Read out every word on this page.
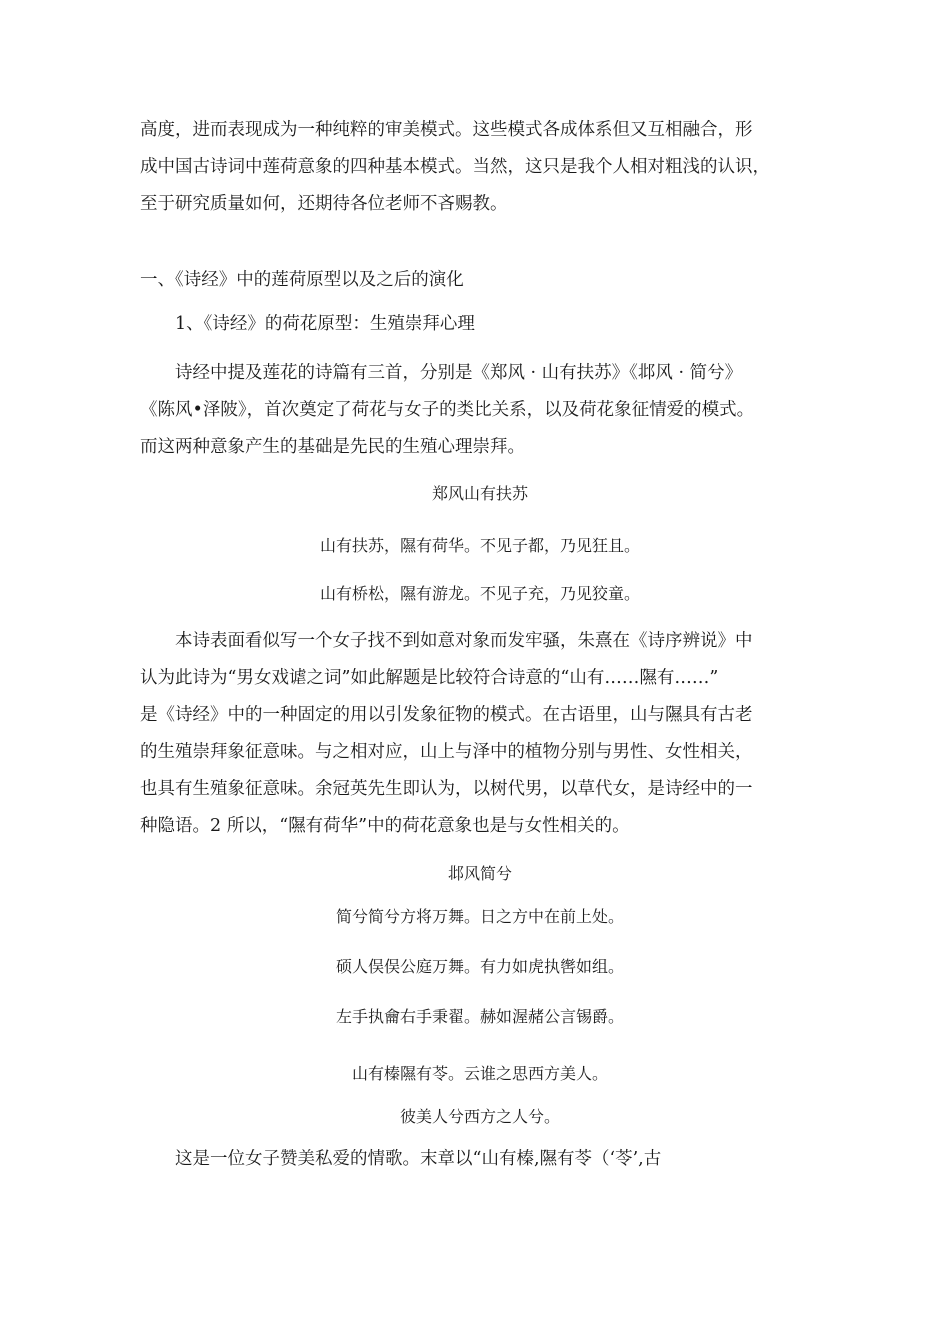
高度，进而表现成为一种纯粹的审美模式。这些模式各成体系但又互相融合，形
成中国古诗词中莲荷意象的四种基本模式。当然，这只是我个人相对粗浅的认识，
至于研究质量如何，还期待各位老师不吝赐教。
一、《诗经》中的莲荷原型以及之后的演化
1、《诗经》的荷花原型：生殖崇拜心理
　　诗经中提及莲花的诗篇有三首，分别是《郑风 · 山有扶苏》《邶风 · 简兮》
《陈风•泽陂》，首次奠定了荷花与女子的类比关系，以及荷花象征情爱的模式。
而这两种意象产生的基础是先民的生殖心理崇拜。
郑风山有扶苏
山有扶苏，隰有荷华。不见子都，乃见狂且。
山有桥松，隰有游龙。不见子充，乃见狡童。
　　本诗表面看似写一个女子找不到如意对象而发牢骚，朱熹在《诗序辨说》中
认为此诗为“男女戏谑之词”如此解题是比较符合诗意的“山有……隰有……”
是《诗经》中的一种固定的用以引发象征物的模式。在古语里，山与隰具有古老
的生殖崇拜象征意味。与之相对应，山上与泽中的植物分别与男性、女性相关，
也具有生殖象征意味。余冠英先生即认为，以树代男，以草代女，是诗经中的一
种隐语。2 所以，“隰有荷华”中的荷花意象也是与女性相关的。
邶风简兮
简兮简兮方将万舞。日之方中在前上处。
硕人俣俣公庭万舞。有力如虎执辔如组。
左手执龠右手秉翟。赫如渥赭公言锡爵。
山有榛隰有苓。云谁之思西方美人。
彼美人兮西方之人兮。
　　这是一位女子赞美私爱的情歌。末章以“山有榛,隰有苓（‘苓’,古
